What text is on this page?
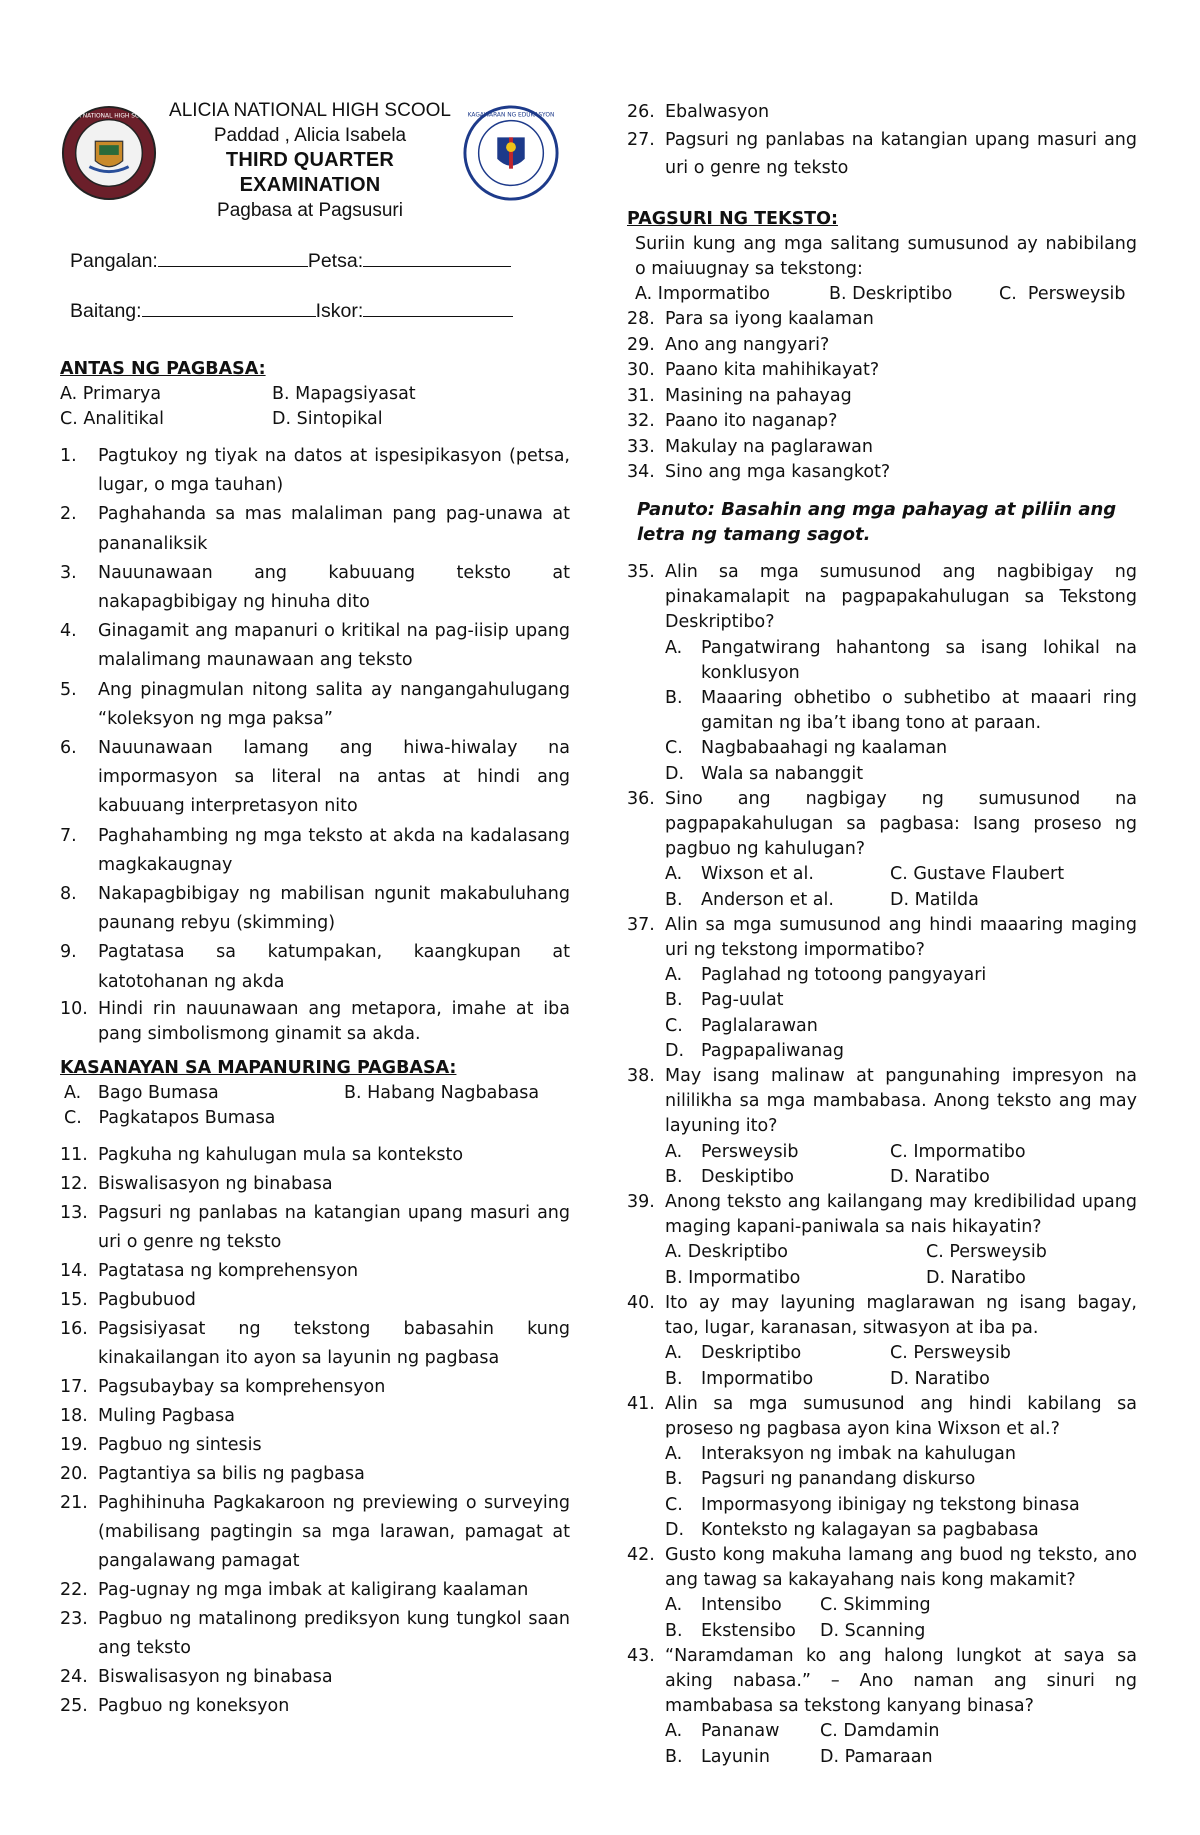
ALICIA NATIONAL HIGH SCHOOL ALICIA NATIONAL HIGH SCOOL
Paddad , Alicia Isabela
THIRD QUARTER EXAMINATION
Pagbasa at Pagsusuri
KAGAWARAN NG EDUKASYON
Pangalan:	Petsa:
Baitang:	Iskor:
ANTAS NG PAGBASA:
A. Primarya	B. Mapagsiyasat
C. Analitikal	D. Sintopikal
1. Pagtukoy ng tiyak na datos at ispesipikasyon (petsa, lugar, o mga tauhan)
2. Paghahanda sa mas malaliman pang pag-unawa at pananaliksik
3. Nauunawaan ang kabuuang teksto at nakapagbibigay ng hinuha dito
4. Ginagamit ang mapanuri o kritikal na pag-iisip upang malalimang maunawaan ang teksto
5. Ang pinagmulan nitong salita ay nangangahulugang “koleksyon ng mga paksa”
6. Nauunawaan lamang ang hiwa-hiwalay na impormasyon sa literal na antas at hindi ang kabuuang interpretasyon nito
7. Paghahambing ng mga teksto at akda na kadalasang magkakaugnay
8. Nakapagbibigay ng mabilisan ngunit makabuluhang paunang rebyu (skimming)
9. Pagtatasa sa katumpakan, kaangkupan at katotohanan ng akda
10. Hindi rin nauunawaan ang metapora, imahe at iba pang simbolismong ginamit sa akda.
KASANAYAN SA MAPANURING PAGBASA:
A.   Bago Bumasa	B. Habang Nagbabasa
C.   Pagkatapos Bumasa
11. Pagkuha ng kahulugan mula sa konteksto
12. Biswalisasyon ng binabasa
13. Pagsuri ng panlabas na katangian upang masuri ang uri o genre ng teksto
14. Pagtatasa ng komprehensyon
15. Pagbubuod
16. Pagsisiyasat ng tekstong babasahin kung kinakailangan ito ayon sa layunin ng pagbasa
17. Pagsubaybay sa komprehensyon
18. Muling Pagbasa
19. Pagbuo ng sintesis
20. Pagtantiya sa bilis ng pagbasa
21. Paghihinuha Pagkakaroon ng previewing o surveying (mabilisang pagtingin sa mga larawan, pamagat at pangalawang pamagat
22. Pag-ugnay ng mga imbak at kaligirang kaalaman
23. Pagbuo ng matalinong prediksyon kung tungkol saan ang teksto
24. Biswalisasyon ng binabasa
25. Pagbuo ng koneksyon
26. Ebalwasyon
27. Pagsuri ng panlabas na katangian upang masuri ang uri o genre ng teksto
PAGSURI NG TEKSTO:
Suriin kung ang mga salitang sumusunod ay nabibilang o maiuugnay sa tekstong:
A. Impormatibo	B. Deskriptibo	C.  Persweysib
28. Para sa iyong kaalaman
29. Ano ang nangyari?
30. Paano kita mahihikayat?
31. Masining na pahayag
32. Paano ito naganap?
33. Makulay na paglarawan
34. Sino ang mga kasangkot?
Panuto: Basahin ang mga pahayag at piliin ang letra ng tamang sagot.
35. Alin sa mga sumusunod ang nagbibigay ng pinakamalapit na pagpapakahulugan sa Tekstong Deskriptibo?
A. Pangatwirang hahantong sa isang lohikal na konklusyon
B. Maaaring obhetibo o subhetibo at maaari ring gamitan ng iba’t ibang tono at paraan.
C. Nagbabaahagi ng kaalaman
D. Wala sa nabanggit
36. Sino ang nagbigay ng sumusunod na pagpapakahulugan sa pagbasa: Isang proseso ng pagbuo ng kahulugan?
A. Wixson et al.	C. Gustave Flaubert
B. Anderson et al.	D. Matilda
37. Alin sa mga sumusunod ang hindi maaaring maging uri ng tekstong impormatibo?
A. Paglahad ng totoong pangyayari
B. Pag-uulat
C. Paglalarawan
D. Pagpapaliwanag
38. May isang malinaw at pangunahing impresyon na nililikha sa mga mambabasa. Anong teksto ang may layuning ito?
A. Persweysib	C. Impormatibo
B. Deskiptibo	D. Naratibo
39. Anong teksto ang kailangang may kredibilidad upang maging kapani-paniwala sa nais hikayatin?
A. Deskriptibo	C. Persweysib
B. Impormatibo	D. Naratibo
40. Ito ay may layuning maglarawan ng isang bagay, tao, lugar, karanasan, sitwasyon at iba pa.
A. Deskriptibo	C. Persweysib
B. Impormatibo	D. Naratibo
41. Alin sa mga sumusunod ang hindi kabilang sa proseso ng pagbasa ayon kina Wixson et al.?
A. Interaksyon ng imbak na kahulugan
B. Pagsuri ng panandang diskurso
C. Impormasyong ibinigay ng tekstong binasa
D. Konteksto ng kalagayan sa pagbabasa
42. Gusto kong makuha lamang ang buod ng teksto, ano ang tawag sa kakayahang nais kong makamit?
A. Intensibo	C. Skimming
B. Ekstensibo	D. Scanning
43. “Naramdaman ko ang halong lungkot at saya sa aking nabasa.” – Ano naman ang sinuri ng mambabasa sa tekstong kanyang binasa?
A. Pananaw	C. Damdamin
B. Layunin	D. Pamaraan
